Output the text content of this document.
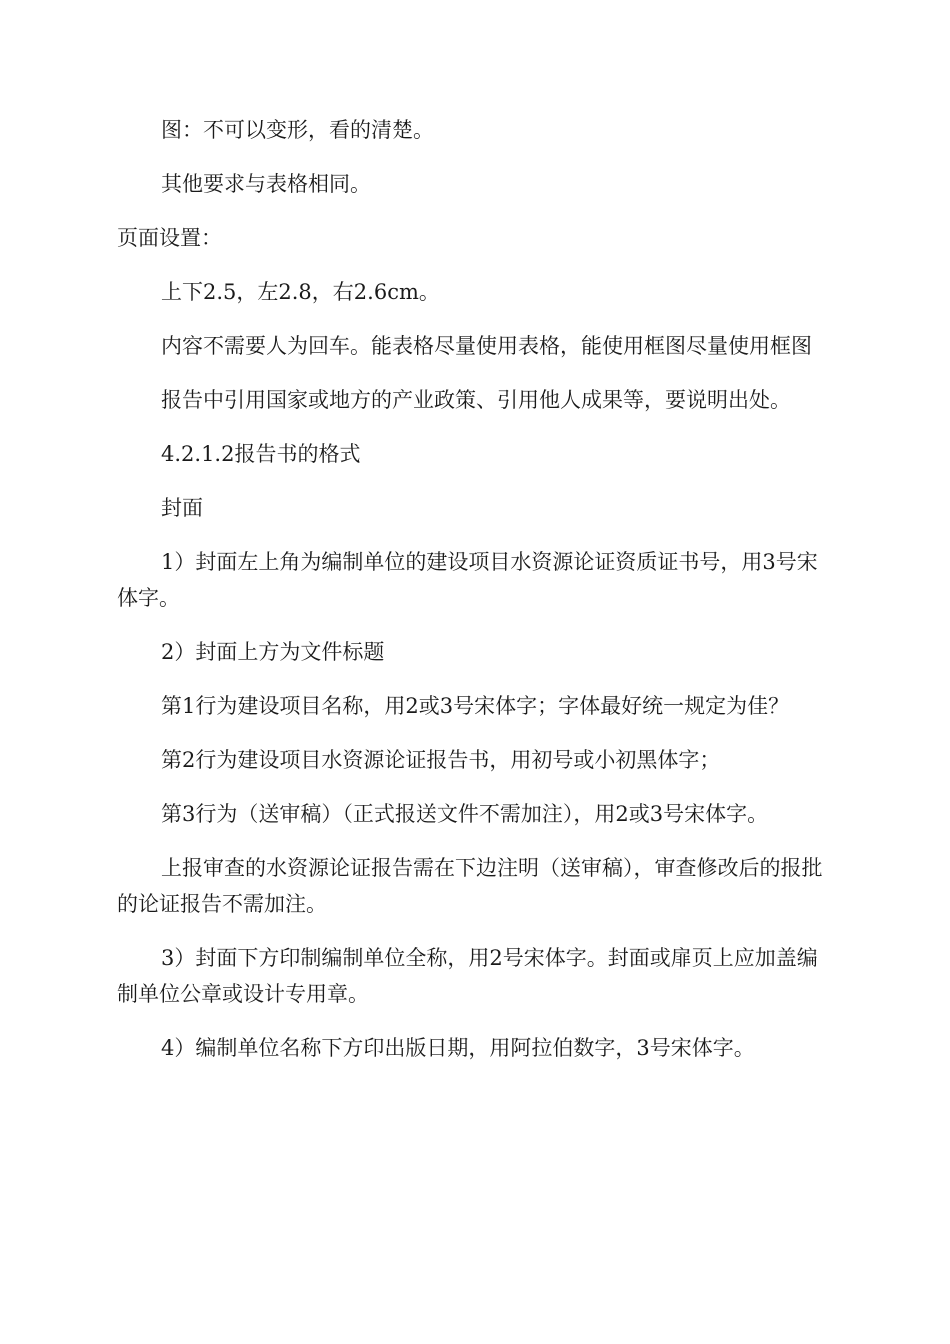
图：不可以变形，看的清楚。

其他要求与表格相同。

页面设置：

上下2.5，左2.8，右2.6cm。

内容不需要人为回车。能表格尽量使用表格，能使用框图尽量使用框图

报告中引用国家或地方的产业政策、引用他人成果等，要说明出处。

4.2.1.2报告书的格式

封面

1）封面左上角为编制单位的建设项目水资源论证资质证书号，用3号宋体字。

2）封面上方为文件标题

第1行为建设项目名称，用2或3号宋体字；字体最好统一规定为佳？

第2行为建设项目水资源论证报告书，用初号或小初黑体字；

第3行为（送审稿）（正式报送文件不需加注），用2或3号宋体字。

上报审查的水资源论证报告需在下边注明（送审稿），审查修改后的报批的论证报告不需加注。

3）封面下方印制编制单位全称，用2号宋体字。封面或扉页上应加盖编制单位公章或设计专用章。

4）编制单位名称下方印出版日期，用阿拉伯数字，3号宋体字。
